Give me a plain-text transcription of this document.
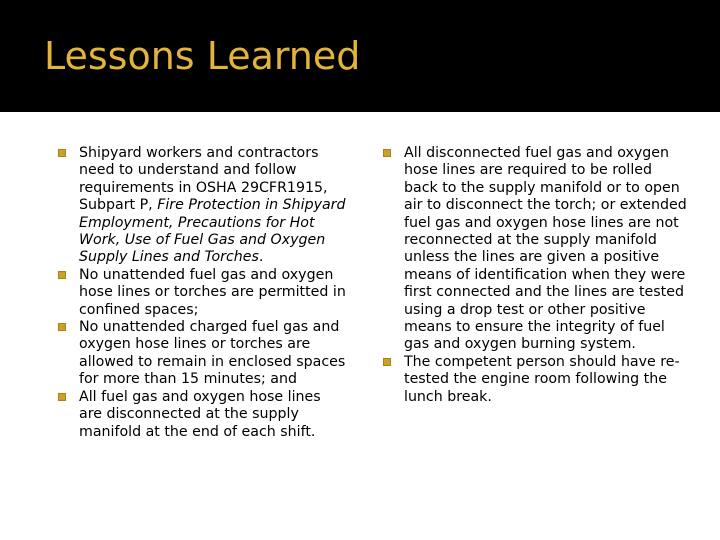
Lessons Learned
Shipyard workers and contractors need to understand and follow requirements in OSHA 29CFR1915, Subpart P, Fire Protection in Shipyard Employment, Precautions for Hot Work, Use of Fuel Gas and Oxygen Supply Lines and Torches.
No unattended fuel gas and oxygen hose lines or torches are permitted in confined spaces;
No unattended charged fuel gas and oxygen hose lines or torches are allowed to remain in enclosed spaces for more than 15 minutes; and
All fuel gas and oxygen hose lines are disconnected at the supply manifold at the end of each shift.
All disconnected fuel gas and oxygen hose lines are required to be rolled back to the supply manifold or to open air to disconnect the torch; or extended fuel gas and oxygen hose lines are not reconnected at the supply manifold unless the lines are given a positive means of identification when they were first connected and the lines are tested using a drop test or other positive means to ensure the integrity of fuel gas and oxygen burning system.
The competent person should have re-tested the engine room following the lunch break.
